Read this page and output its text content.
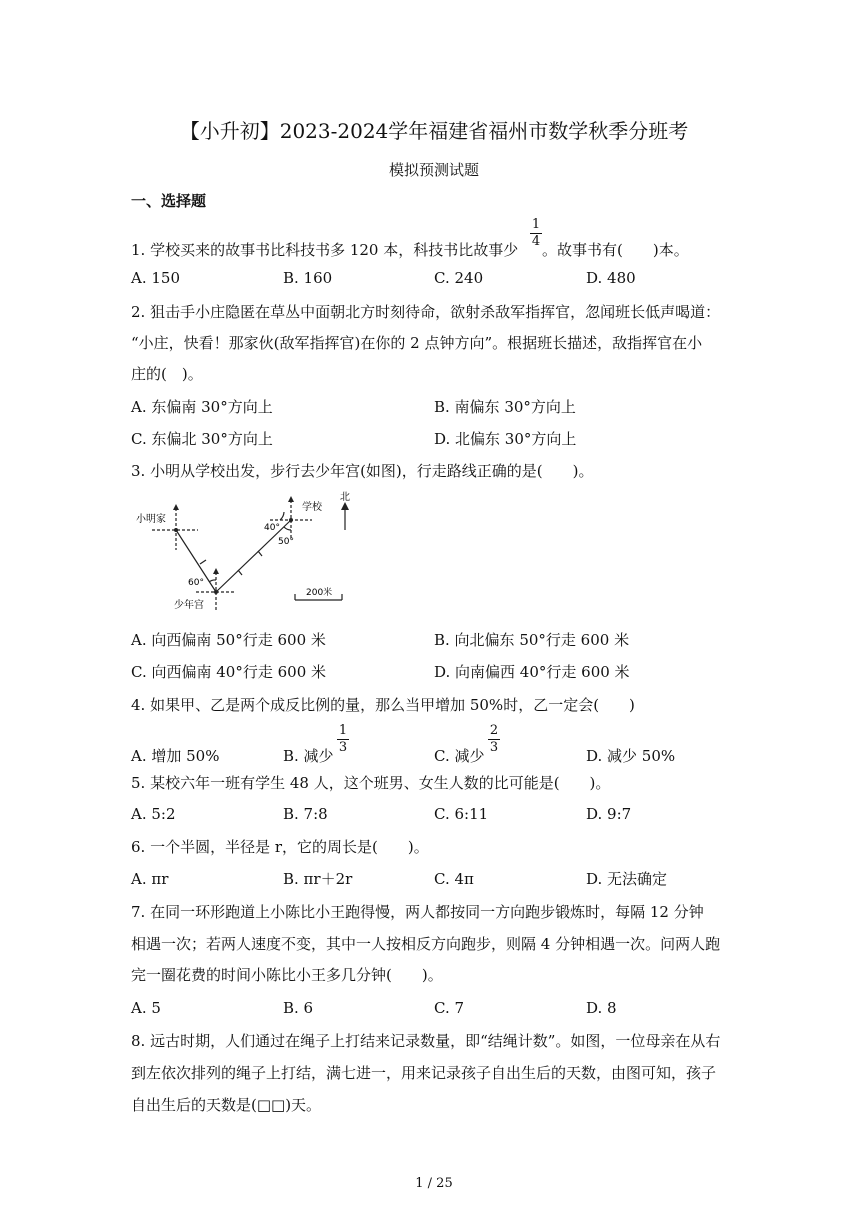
【小升初】2023-2024学年福建省福州市数学秋季分班考
模拟预测试题
一、选择题
1. 学校买来的故事书比科技书多 120 本，科技书比故事少
1
4 。故事书有(　　)本。
A. 150	B. 160	C. 240	D. 480
2. 狙击手小庄隐匿在草丛中面朝北方时刻待命，欲射杀敌军指挥官，忽闻班长低声喝道：
“小庄，快看！那家伙(敌军指挥官)在你的 2 点钟方向”。根据班长描述，敌指挥官在小
庄的(　)。
A. 东偏南 30°方向上	B. 南偏东 30°方向上
C. 东偏北 30°方向上	D. 北偏东 30°方向上
3. 小明从学校出发，步行去少年宫(如图)，行走路线正确的是(　　)。
小明家
学校
少年宫
北
40°
50°
60°
200米
A. 向西偏南 50°行走 600 米	B. 向北偏东 50°行走 600 米
C. 向西偏南 40°行走 600 米	D. 向南偏西 40°行走 600 米
4. 如果甲、乙是两个成反比例的量，那么当甲增加 50%时，乙一定会(　　)
A. 增加 50%	B. 减少
1
3	C. 减少
2
3	D. 减少 50%
5. 某校六年一班有学生 48 人，这个班男、女生人数的比可能是(　　)。
A. 5:2	B. 7:8	C. 6:11	D. 9:7
6. 一个半圆，半径是 r，它的周长是(　　)。
A. πr	B. πr＋2r	C. 4π	D. 无法确定
7. 在同一环形跑道上小陈比小王跑得慢，两人都按同一方向跑步锻炼时，每隔 12 分钟
相遇一次；若两人速度不变，其中一人按相反方向跑步，则隔 4 分钟相遇一次。问两人跑
完一圈花费的时间小陈比小王多几分钟(　　)。
A. 5	B. 6	C. 7	D. 8
8. 远古时期，人们通过在绳子上打结来记录数量，即“结绳计数”。如图，一位母亲在从右
到左依次排列的绳子上打结，满七进一，用来记录孩子自出生后的天数，由图可知，孩子
自出生后的天数是(□□)天。
1 / 25
